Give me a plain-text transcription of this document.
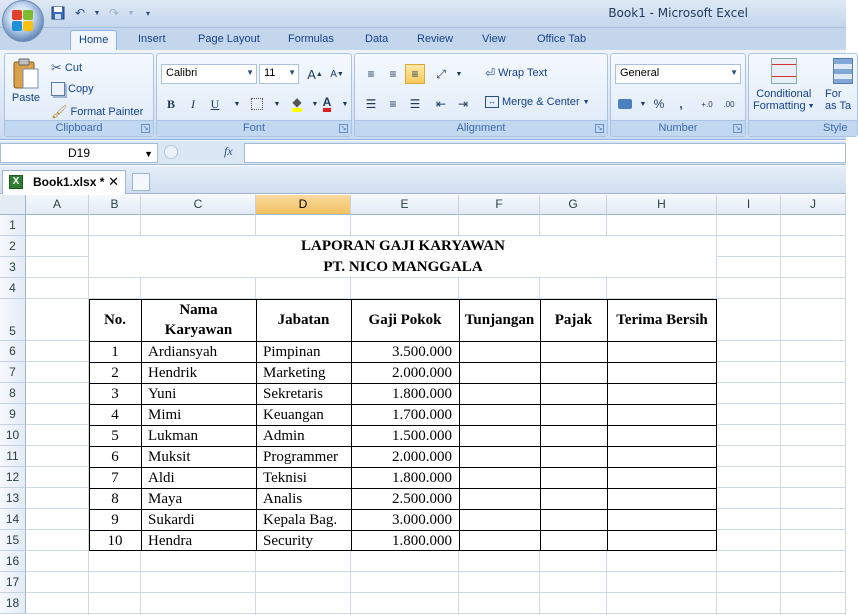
↶	▼ ↷	▼	▾	Book1 - Microsoft Excel
Home	Insert	Page Layout	Formulas	Data	Review	View	Office Tab
Paste
✂ Cut
Copy
🖌 Format Painter
Clipboard	↘
Calibri	▼ 11 ▼ A ▲ A ▼
B	I	U	▼	▼ ◆	▼ A	▼
Font	↘
≡	≡	≡	⤢	▼	⏎ Wrap Text
☰	≡	☰	⇤ ⇥	↔ Merge & Center ▼
Alignment	↘
General	▼
▼ %	,	+.0	.00
Number	↘
Conditional
Formatting ▼
For
as Ta
Style
D19	▼	fx
X	Book1.xlsx * ✕
A	B	C	D	E	F	G	H	I	J
1
2
3
4
5
6
7
8
9
10
11
12
13
14
15
16
17
18
LAPORAN GAJI KARYAWAN
PT. NICO MANGGALA
No.	Jabatan	Gaji Pokok	Tunjangan	Pajak	Terima Bersih
Nama
Karyawan
1	Ardiansyah	Pimpinan	3.500.000
2	Hendrik	Marketing	2.000.000
3	Yuni	Sekretaris	1.800.000
4	Mimi	Keuangan	1.700.000
5	Lukman	Admin	1.500.000
6	Muksit	Programmer	2.000.000
7	Aldi	Teknisi	1.800.000
8	Maya	Analis	2.500.000
9	Sukardi	Kepala Bag.	3.000.000
10	Hendra	Security	1.800.000
